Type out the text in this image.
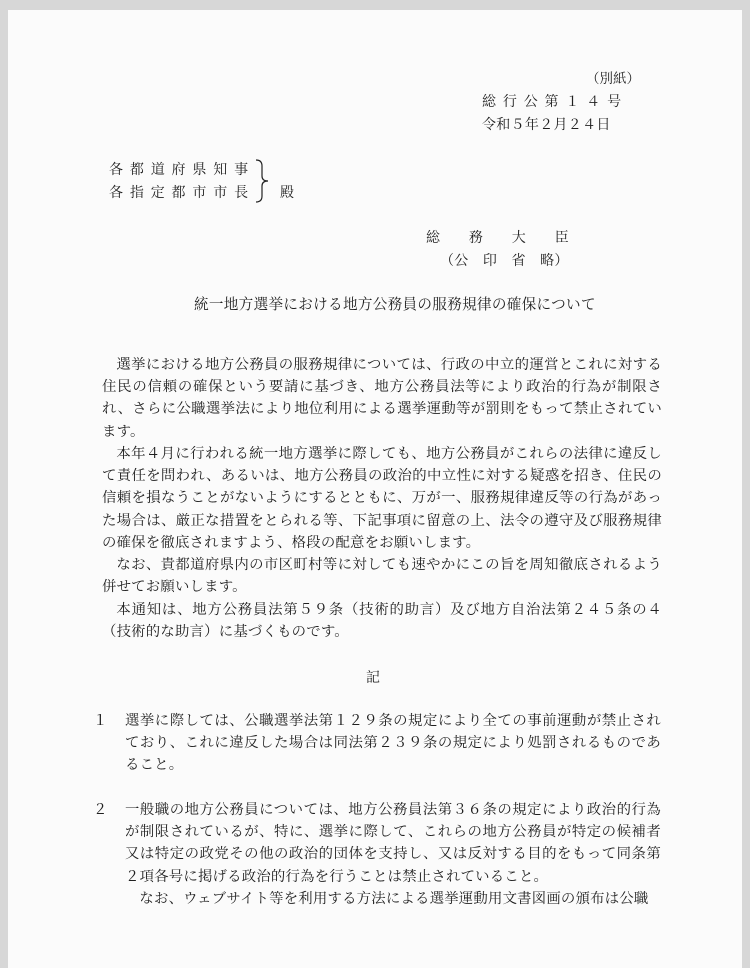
（別紙）
総 行 公 第 １ ４ 号
令和５年２月２４日
各 都 道 府 県 知 事
各 指 定 都 市 市 長 殿
総　　務　　大　　臣
（公　印　省　略）
統一地方選挙における地方公務員の服務規律の確保について
選挙における地方公務員の服務規律については、行政の中立的運営とこれに対する住民の信頼の確保という要請に基づき、地方公務員法等により政治的行為が制限され、さらに公職選挙法により地位利用による選挙運動等が罰則をもって禁止されています。
本年４月に行われる統一地方選挙に際しても、地方公務員がこれらの法律に違反して責任を問われ、あるいは、地方公務員の政治的中立性に対する疑惑を招き、住民の信頼を損なうことがないようにするとともに、万が一、服務規律違反等の行為があった場合は、厳正な措置をとられる等、下記事項に留意の上、法令の遵守及び服務規律の確保を徹底されますよう、格段の配意をお願いします。
なお、貴都道府県内の市区町村等に対しても速やかにこの旨を周知徹底されるよう併せてお願いします。
本通知は、地方公務員法第５９条（技術的助言）及び地方自治法第２４５条の４（技術的な助言）に基づくものです。
記
１ 選挙に際しては、公職選挙法第１２９条の規定により全ての事前運動が禁止されており、これに違反した場合は同法第２３９条の規定により処罰されるものであること。
２ 一般職の地方公務員については、地方公務員法第３６条の規定により政治的行為が制限されているが、特に、選挙に際して、これらの地方公務員が特定の候補者又は特定の政党その他の政治的団体を支持し、又は反対する目的をもって同条第２項各号に掲げる政治的行為を行うことは禁止されていること。
なお、ウェブサイト等を利用する方法による選挙運動用文書図画の頒布は公職
